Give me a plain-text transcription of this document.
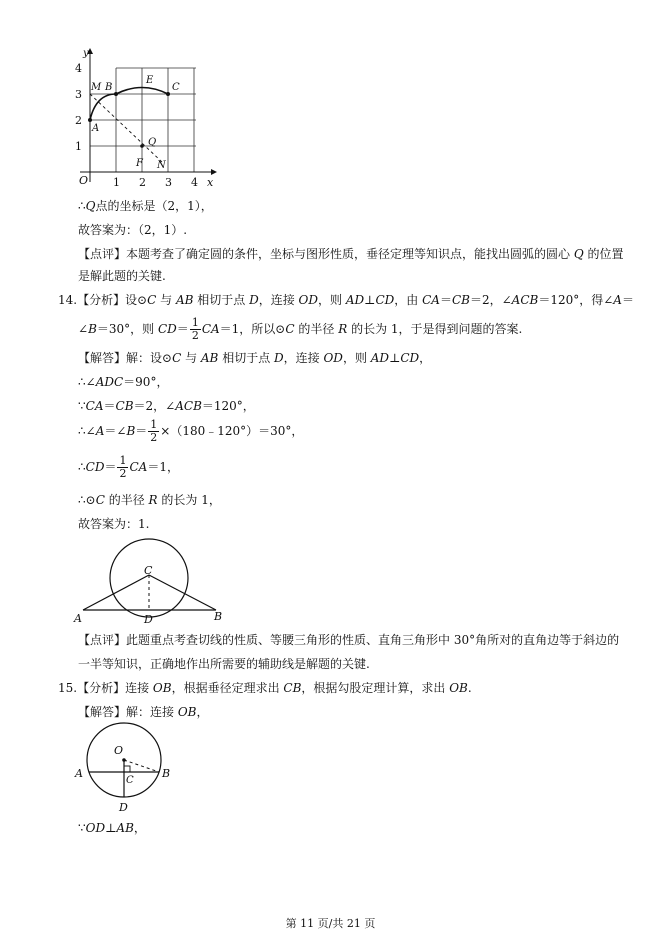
y
4
3
2
1
O 1 2 3 4 x
M B
E
C
A
Q
F N
∴Q点的坐标是（2，1），
故答案为：（2，1）.
【点评】本题考查了确定圆的条件，坐标与图形性质，垂径定理等知识点，能找出圆弧的圆心 Q 的位置
是解此题的关键.
14.【分析】设⊙C 与 AB 相切于点 D，连接 OD，则 AD⊥CD，由 CA＝CB＝2，∠ACB＝120°，得∠A＝
∠B＝30°，则 $CD= \frac{1}{2} CA=1$，所以⊙C 的半径 R 的长为 1，于是得到问题的答案.
【解答】解：设⊙C 与 AB 相切于点 D，连接 OD，则 AD⊥CD，
∴∠ADC＝90°，
∵CA＝CB＝2，∠ACB＝120°，
∴∠A＝∠B＝ $\frac{1}{2}$ ×（180﹣120°）＝30°，
∴CD＝ $\frac{1}{2} CA=1$，
∴⊙C 的半径 R 的长为 1，
故答案为：1.
C
A	D	B
【点评】此题重点考查切线的性质、等腰三角形的性质、直角三角形中 30°角所对的直角边等于斜边的
一半等知识，正确地作出所需要的辅助线是解题的关键.
15.【分析】连接 OB，根据垂径定理求出 CB，根据勾股定理计算，求出 OB.
【解答】解：连接 OB，
O
A
C
B
D
∵OD⊥AB，
第 11 页/共 21 页
